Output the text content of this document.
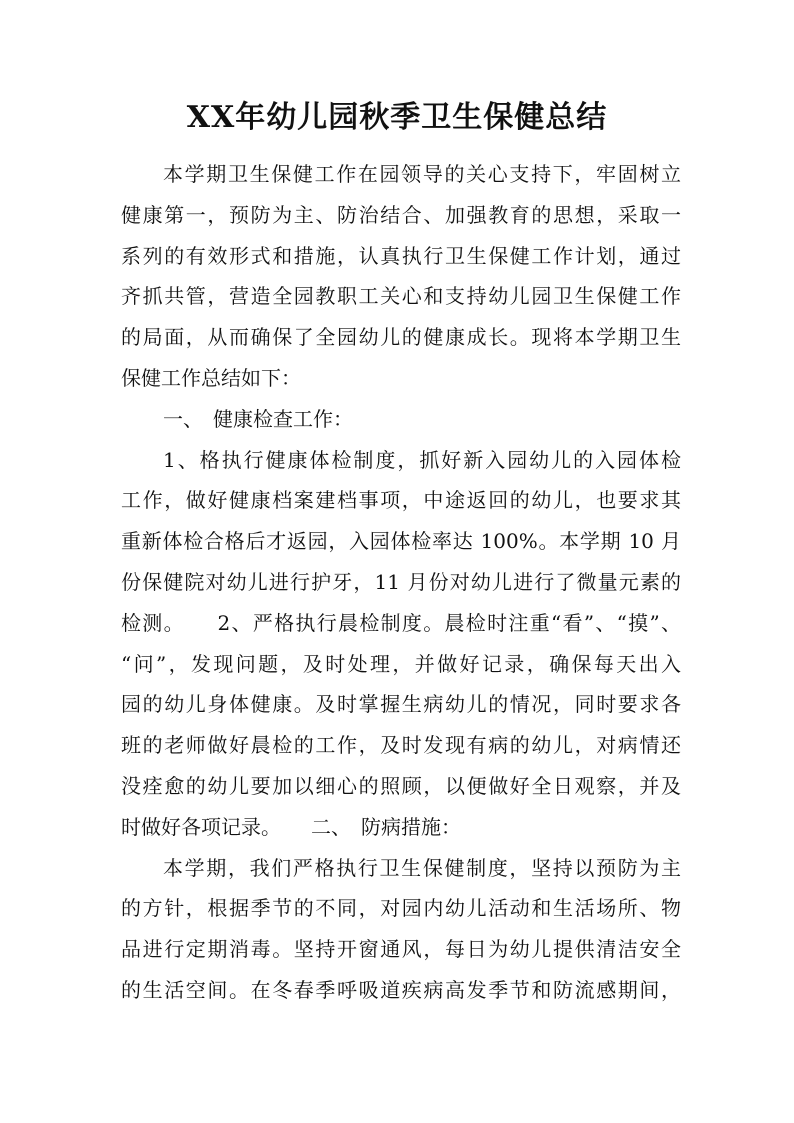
XX年幼儿园秋季卫生保健总结
本学期卫生保健工作在园领导的关心支持下，牢固树立
健康第一，预防为主、防治结合、加强教育的思想，采取一
系列的有效形式和措施，认真执行卫生保健工作计划，通过
齐抓共管，营造全园教职工关心和支持幼儿园卫生保健工作
的局面，从而确保了全园幼儿的健康成长。现将本学期卫生
保健工作总结如下：
一、　健康检查工作：
1、格执行健康体检制度，抓好新入园幼儿的入园体检
工作，做好健康档案建档事项，中途返回的幼儿，也要求其
重新体检合格后才返园，入园体检率达 100%。本学期 10 月
份保健院对幼儿进行护牙，11 月份对幼儿进行了微量元素的
检测。　　2、严格执行晨检制度。晨检时注重“看”、“摸”、
“问”，发现问题，及时处理，并做好记录，确保每天出入
园的幼儿身体健康。及时掌握生病幼儿的情况，同时要求各
班的老师做好晨检的工作，及时发现有病的幼儿，对病情还
没痊愈的幼儿要加以细心的照顾，以便做好全日观察，并及
时做好各项记录。　　二、　防病措施：
本学期，我们严格执行卫生保健制度，坚持以预防为主
的方针，根据季节的不同，对园内幼儿活动和生活场所、物
品进行定期消毒。坚持开窗通风，每日为幼儿提供清洁安全
的生活空间。在冬春季呼吸道疾病高发季节和防流感期间，
